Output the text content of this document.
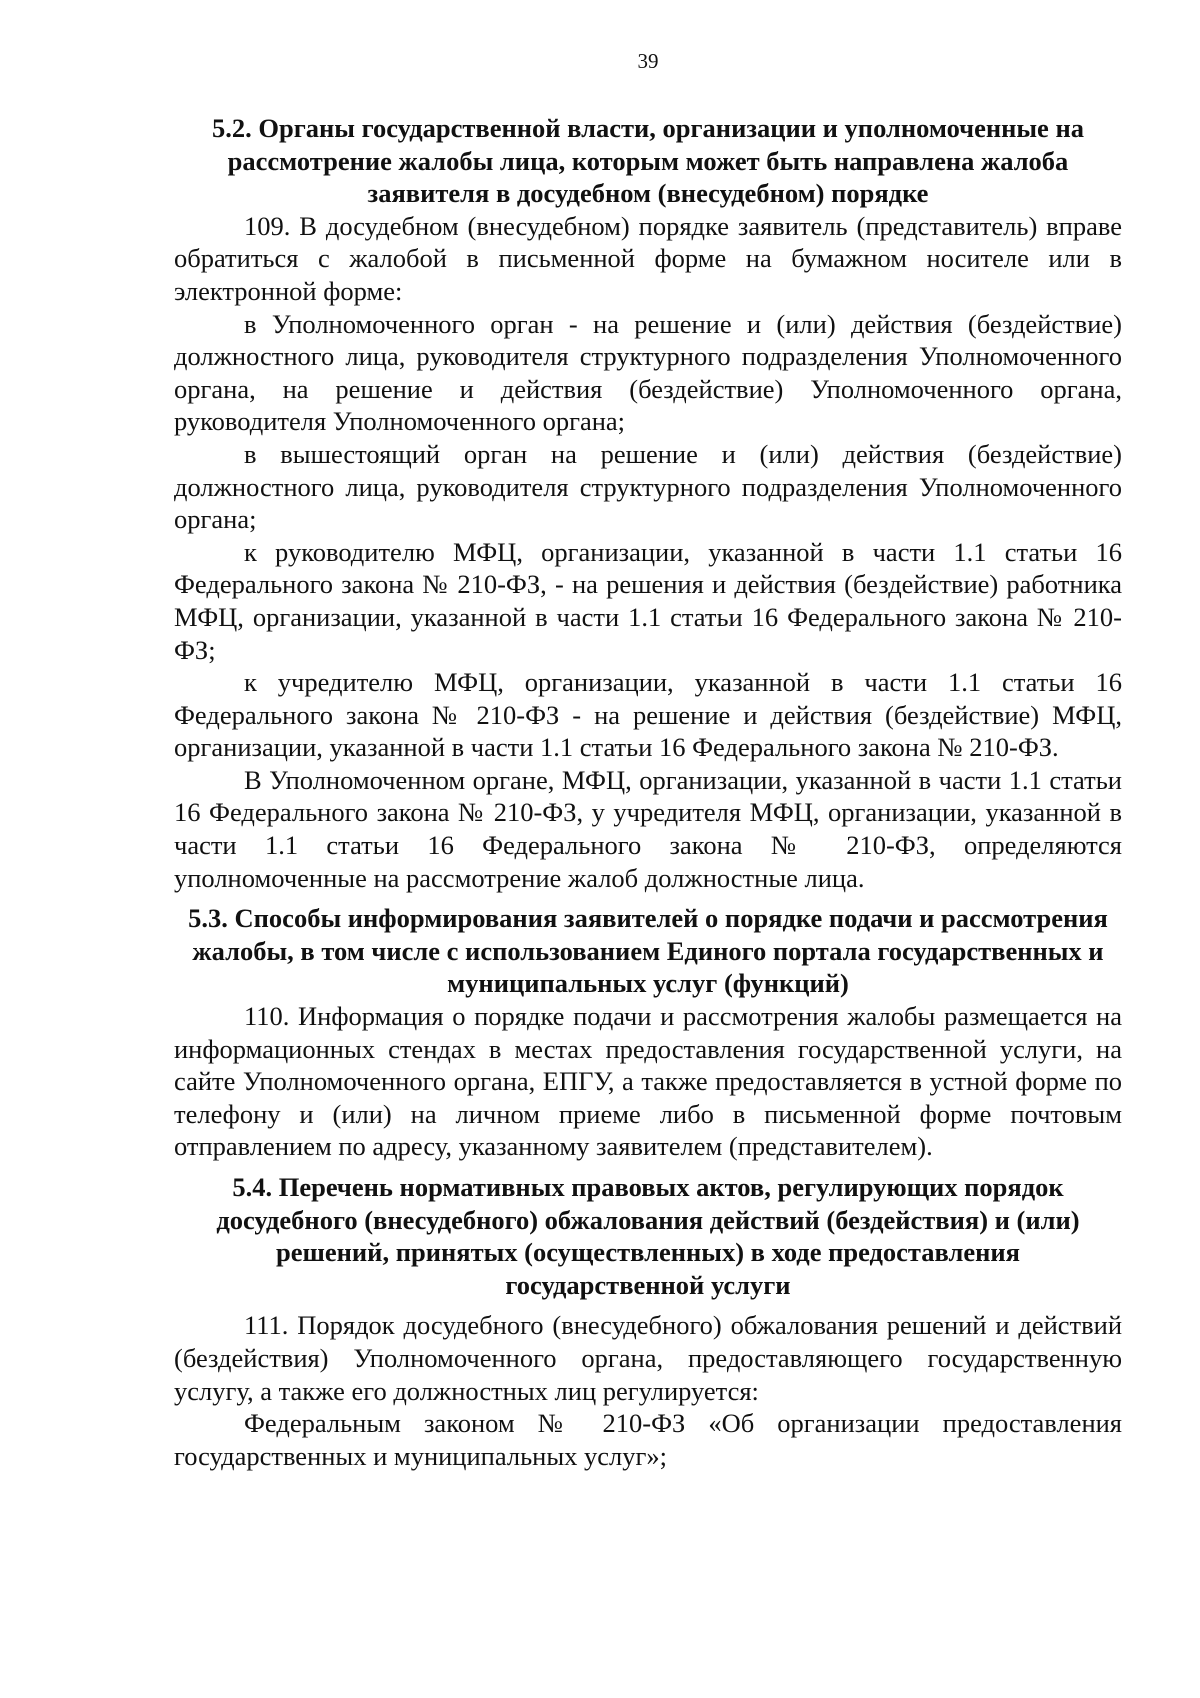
39
5.2. Органы государственной власти, организации и уполномоченные на рассмотрение жалобы лица, которым может быть направлена жалоба заявителя в досудебном (внесудебном) порядке

109. В досудебном (внесудебном) порядке заявитель (представитель) вправе обратиться с жалобой в письменной форме на бумажном носителе или в электронной форме:

в Уполномоченного орган - на решение и (или) действия (бездействие) должностного лица, руководителя структурного подразделения Уполномоченного органа, на решение и действия (бездействие) Уполномоченного органа, руководителя Уполномоченного органа;

в вышестоящий орган на решение и (или) действия (бездействие) должностного лица, руководителя структурного подразделения Уполномоченного органа;

к руководителю МФЦ, организации, указанной в части 1.1 статьи 16 Федерального закона № 210-ФЗ, - на решения и действия (бездействие) работника МФЦ, организации, указанной в части 1.1 статьи 16 Федерального закона № 210-ФЗ;

к учредителю МФЦ, организации, указанной в части 1.1 статьи 16 Федерального закона № 210-ФЗ - на решение и действия (бездействие) МФЦ, организации, указанной в части 1.1 статьи 16 Федерального закона № 210-ФЗ.

В Уполномоченном органе, МФЦ, организации, указанной в части 1.1 статьи 16 Федерального закона № 210-ФЗ, у учредителя МФЦ, организации, указанной в части 1.1 статьи 16 Федерального закона № 210-ФЗ, определяются уполномоченные на рассмотрение жалоб должностные лица.

5.3. Способы информирования заявителей о порядке подачи и рассмотрения жалобы, в том числе с использованием Единого портала государственных и муниципальных услуг (функций)

110. Информация о порядке подачи и рассмотрения жалобы размещается на информационных стендах в местах предоставления государственной услуги, на сайте Уполномоченного органа, ЕПГУ, а также предоставляется в устной форме по телефону и (или) на личном приеме либо в письменной форме почтовым отправлением по адресу, указанному заявителем (представителем).

5.4. Перечень нормативных правовых актов, регулирующих порядок досудебного (внесудебного) обжалования действий (бездействия) и (или) решений, принятых (осуществленных) в ходе предоставления государственной услуги

111. Порядок досудебного (внесудебного) обжалования решений и действий (бездействия) Уполномоченного органа, предоставляющего государственную услугу, а также его должностных лиц регулируется:

Федеральным законом № 210-ФЗ «Об организации предоставления государственных и муниципальных услуг»;
